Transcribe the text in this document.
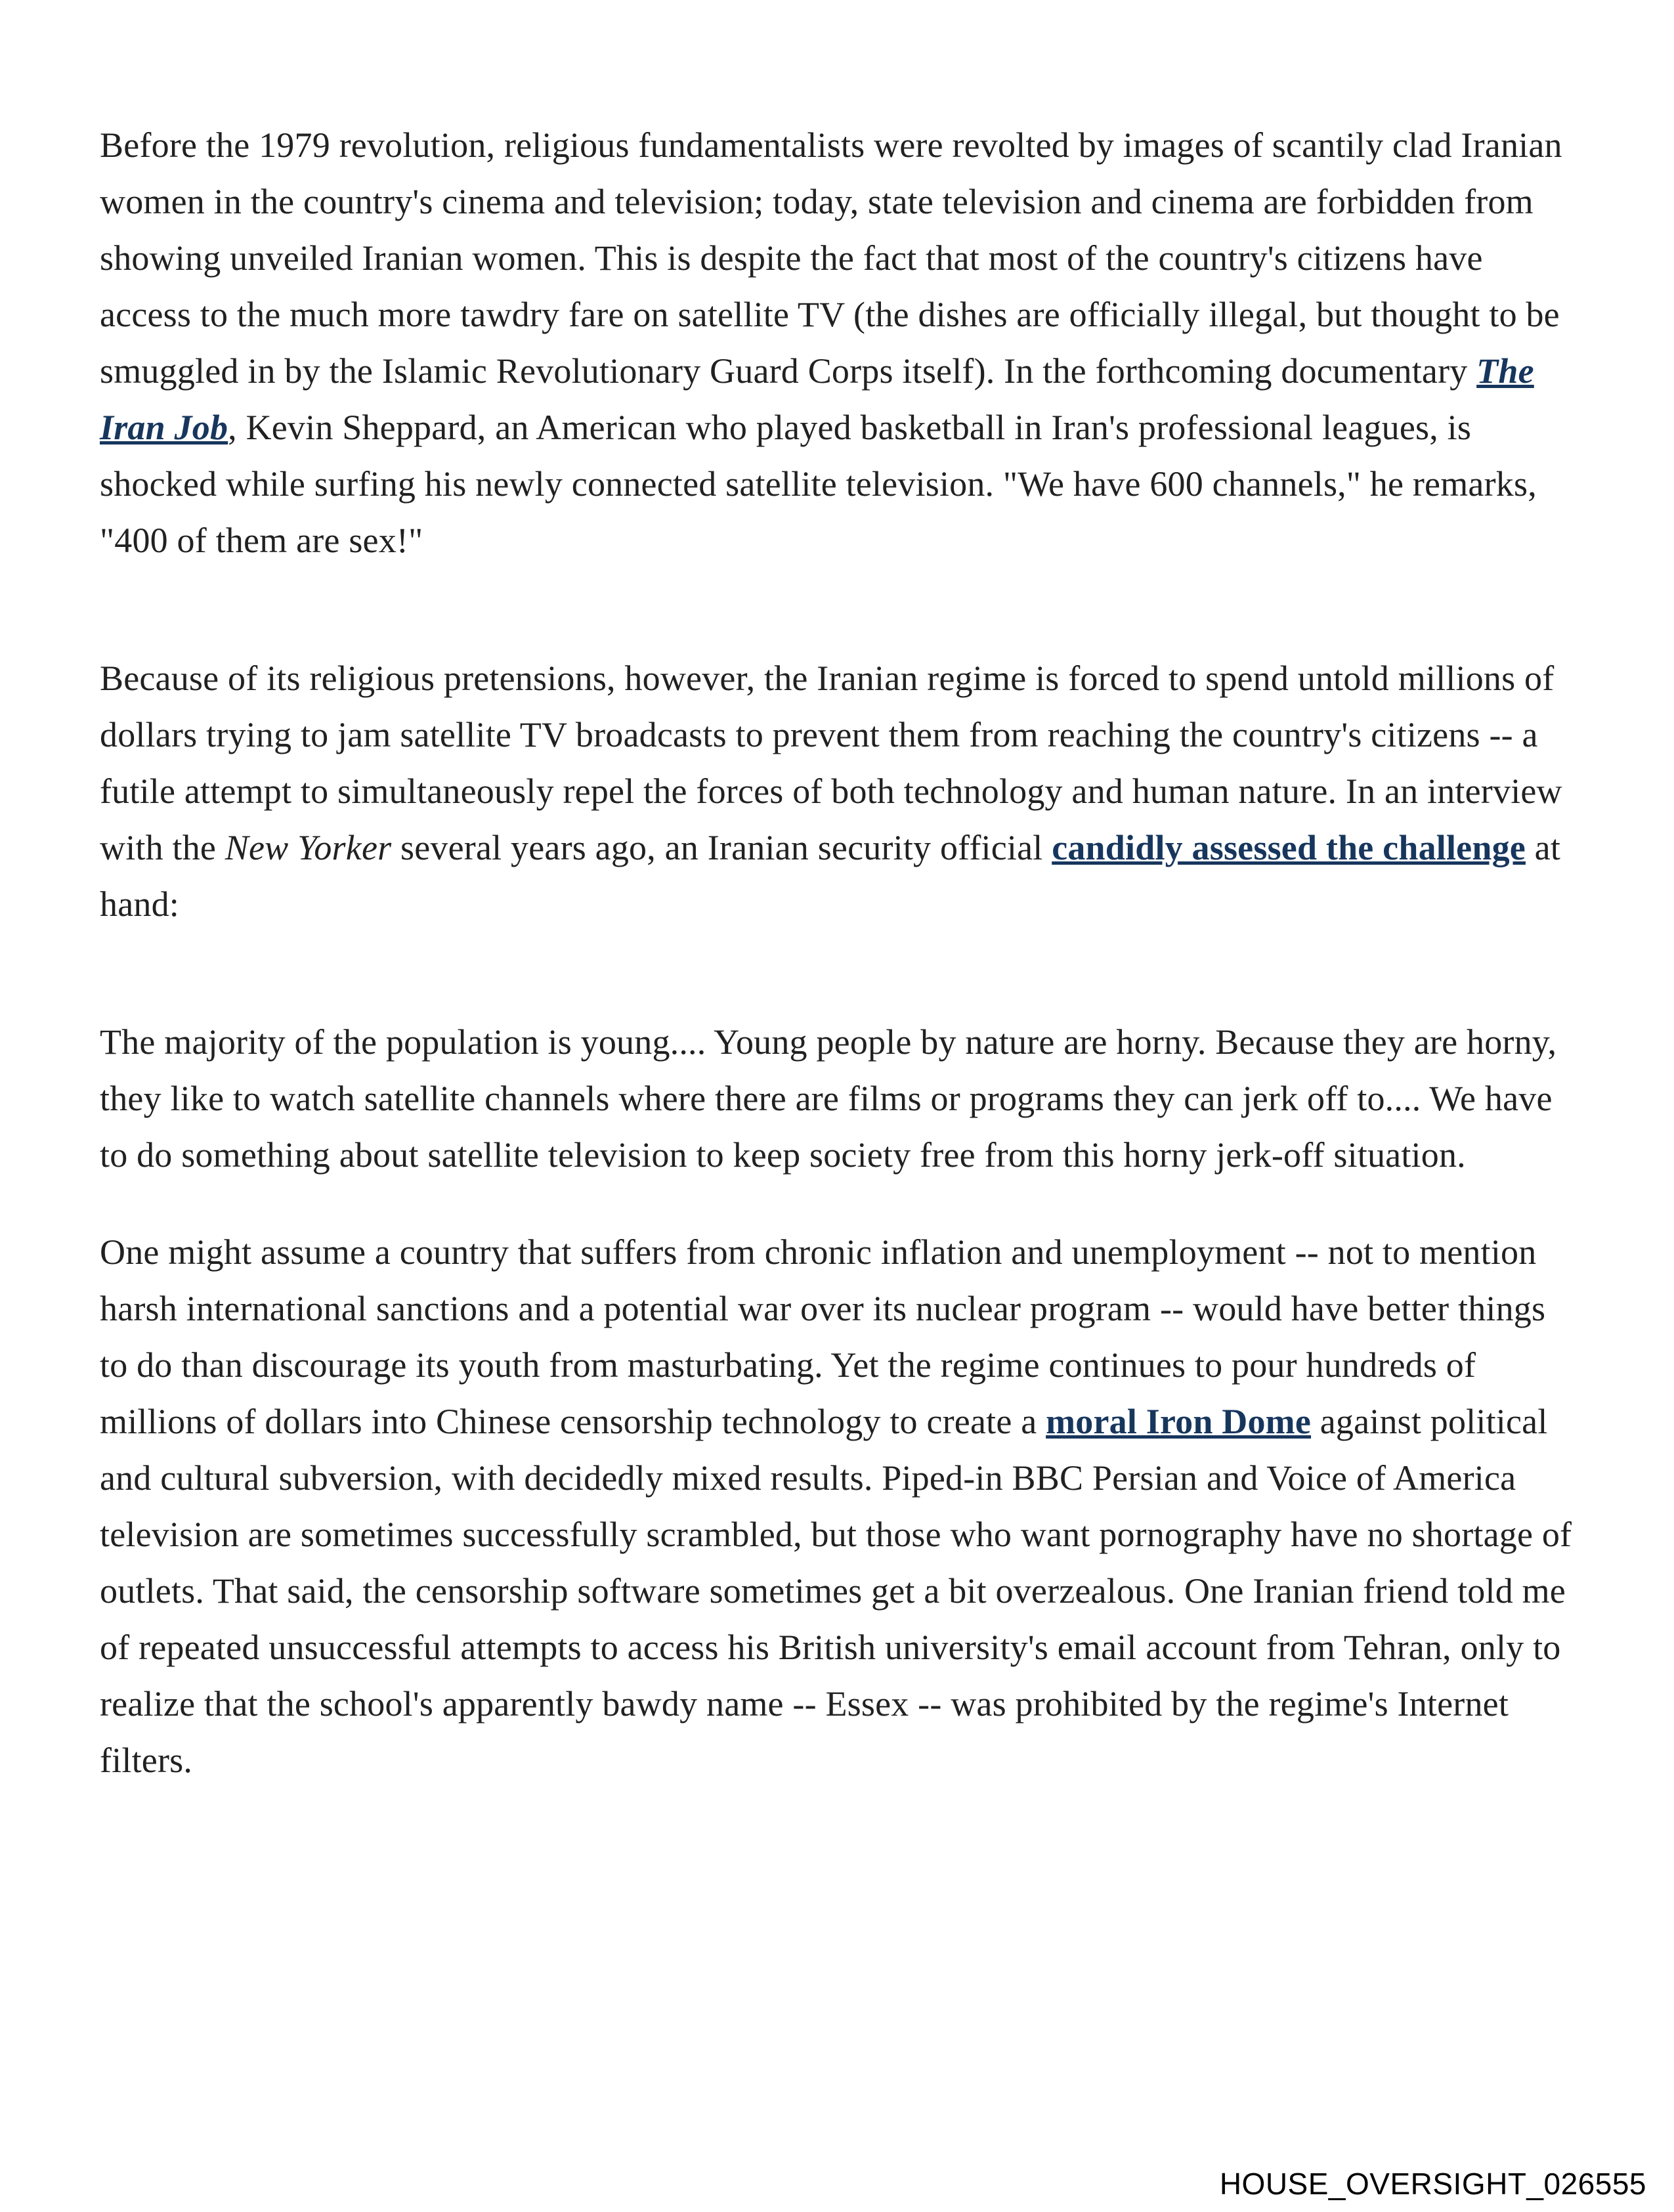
Before the 1979 revolution, religious fundamentalists were revolted by images of scantily clad Iranian women in the country's cinema and television; today, state television and cinema are forbidden from showing unveiled Iranian women. This is despite the fact that most of the country's citizens have access to the much more tawdry fare on satellite TV (the dishes are officially illegal, but thought to be smuggled in by the Islamic Revolutionary Guard Corps itself). In the forthcoming documentary The Iran Job, Kevin Sheppard, an American who played basketball in Iran's professional leagues, is shocked while surfing his newly connected satellite television. "We have 600 channels," he remarks, "400 of them are sex!"

Because of its religious pretensions, however, the Iranian regime is forced to spend untold millions of dollars trying to jam satellite TV broadcasts to prevent them from reaching the country's citizens -- a futile attempt to simultaneously repel the forces of both technology and human nature. In an interview with the New Yorker several years ago, an Iranian security official candidly assessed the challenge at hand:

The majority of the population is young.... Young people by nature are horny. Because they are horny, they like to watch satellite channels where there are films or programs they can jerk off to.... We have to do something about satellite television to keep society free from this horny jerk-off situation.

One might assume a country that suffers from chronic inflation and unemployment -- not to mention harsh international sanctions and a potential war over its nuclear program -- would have better things to do than discourage its youth from masturbating. Yet the regime continues to pour hundreds of millions of dollars into Chinese censorship technology to create a moral Iron Dome against political and cultural subversion, with decidedly mixed results. Piped-in BBC Persian and Voice of America television are sometimes successfully scrambled, but those who want pornography have no shortage of outlets. That said, the censorship software sometimes get a bit overzealous. One Iranian friend told me of repeated unsuccessful attempts to access his British university's email account from Tehran, only to realize that the school's apparently bawdy name -- Essex -- was prohibited by the regime's Internet filters.

HOUSE_OVERSIGHT_026555
